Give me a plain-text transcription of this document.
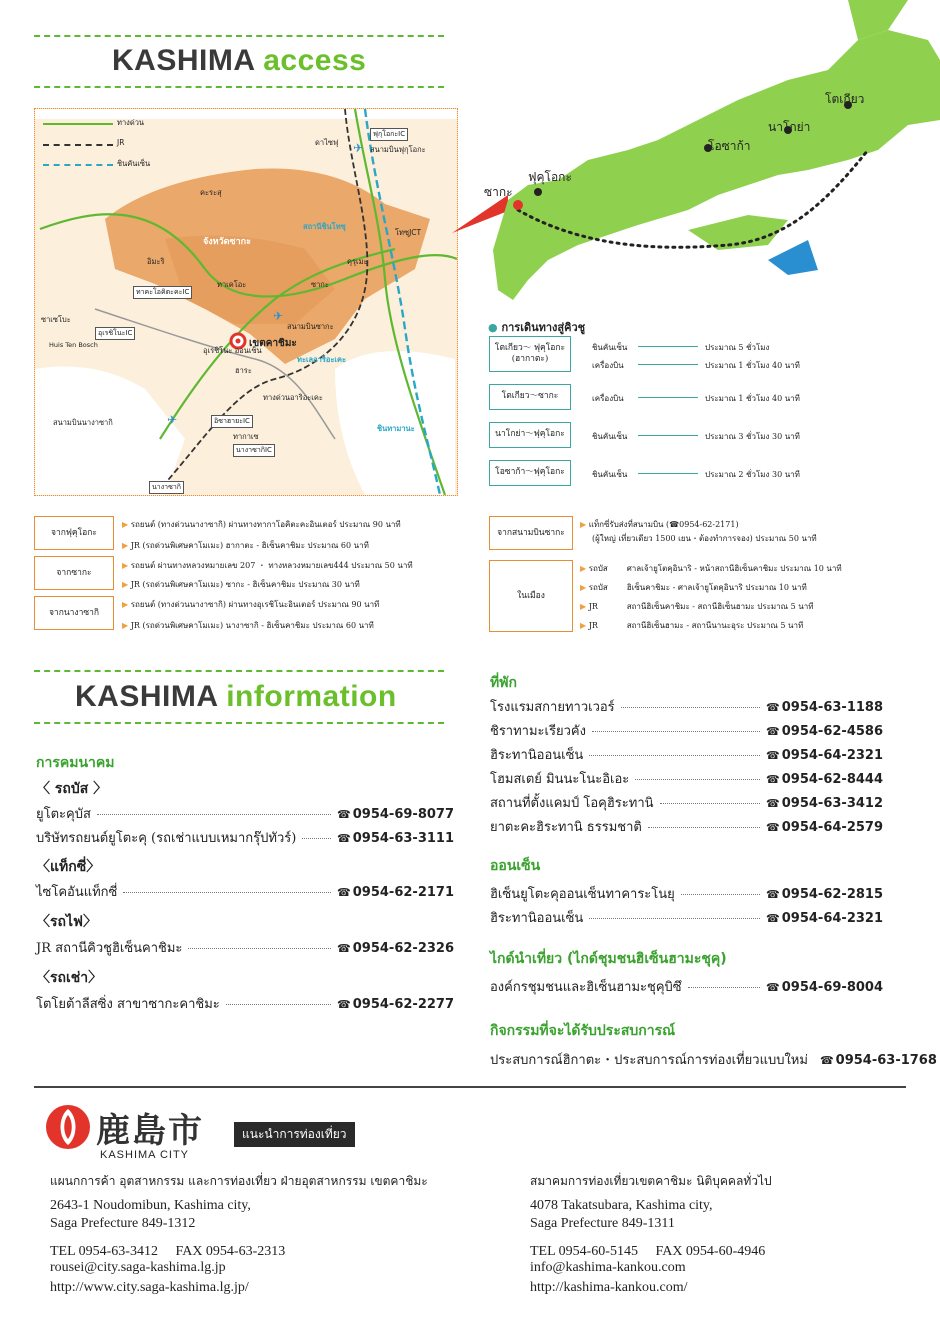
KASHIMA access
ทางด่วน
JR
ชินคันเซ็น
คะระสุ
อิมะริ
จังหวัดซากะ
สถานีชินโทซุ
โทซุJCT
คุรุเมะ
ซากะ
ทาคะโอคิตะคะIC
อุเรชิโนะIC
ทาเคโอะ
เขตคาชิมะ
ทะเลอาริอะเคะ
สนามบินซากะ
✈
สนามบินนางาซากิ	✈	อิซาฮายะIC
นางาซากิIC
นางาซากิ
Huis Ten Bosch
ซาเซโบะ
ฟุกุโอกะIC
สนามบินฟุกุโอกะ
✈
ดาไซฟุ
ชินทามานะ
ทางด่วนอาริอะเคะ
อุเรชิโนะ ออนเซ็น
ฮาระ
ทากาเซ
โตเกียว
นาโกย่า
โอซาก้า
ฟุคุโอกะ
ซากะ
● การเดินทางสู่คิวชู
โตเกียว～ ฟุคุโอกะ (ฮากาตะ)
ชินคันเซ็น	ประมาณ 5 ชั่วโมง
เครื่องบิน	ประมาณ 1 ชั่วโมง 40 นาที
โตเกียว～ซากะ	เครื่องบิน	ประมาณ 1 ชั่วโมง 40 นาที
นาโกย่า～ฟุคุโอกะ	ชินคันเซ็น	ประมาณ 3 ชั่วโมง 30 นาที
โอซาก้า～ฟุคุโอกะ	ชินคันเซ็น	ประมาณ 2 ชั่วโมง 30 นาที
จากฟุคุโอกะ
▶ รถยนต์ (ทางด่วนนางาซากิ) ผ่านทางทากาโอคิตะคะอินเตอร์ ประมาณ 90 นาที
▶ JR (รถด่วนพิเศษคาโมเมะ) ฮากาตะ - ฮิเซ็นคาชิมะ ประมาณ 60 นาที
จากซากะ
▶ รถยนต์ ผ่านทางหลวงหมายเลข 207 ・ ทางหลวงหมายเลข444 ประมาณ 50 นาที
▶ JR (รถด่วนพิเศษคาโมเมะ) ซากะ - ฮิเซ็นคาชิมะ ประมาณ 30 นาที
จากนางาซากิ
▶ รถยนต์ (ทางด่วนนางาซากิ) ผ่านทางอุเรชิโนะอินเตอร์ ประมาณ 90 นาที
▶ JR (รถด่วนพิเศษคาโมเมะ) นางาซากิ - ฮิเซ็นคาชิมะ ประมาณ 60 นาที
จากสนามบินซากะ
▶ แท็กซี่รับส่งที่สนามบิน (☎0954-62-2171)
(ผู้ใหญ่ เที่ยวเดียว 1500 เยน・ต้องทำการจอง) ประมาณ 50 นาที
ในเมือง
▶ รถบัส ศาลเจ้ายูโตคุอินาริ - หน้าสถานีฮิเซ็นคาชิมะ ประมาณ 10 นาที
▶ รถบัส ฮิเซ็นคาชิมะ - ศาลเจ้ายูโตคุอินาริ ประมาณ 10 นาที
▶ JR	สถานีฮิเซ็นคาชิมะ - สถานีฮิเซ็นฮามะ ประมาณ 5 นาที
▶ JR	สถานีฮิเซ็นฮามะ - สถานีนานะอุระ ประมาณ 5 นาที
KASHIMA information
การคมนาคม
〈 รถบัส 〉
ยูโตะคุบัส	☎ 0954-69-8077
บริษัทรถยนต์ยูโตะคุ (รถเช่าแบบเหมากรุ๊ปทัวร์)	☎ 0954-63-3111
〈แท็กซี่〉
ไซโคอันแท็กซี่	☎ 0954-62-2171
〈รถไฟ〉
JR สถานีคิวชูฮิเซ็นคาชิมะ	☎ 0954-62-2326
〈รถเช่า〉
โตโยต้าลีสซิ่ง สาขาซากะคาชิมะ	☎ 0954-62-2277
ที่พัก
โรงแรมสกายทาวเวอร์	☎ 0954-63-1188
ชิราทามะเรียวคัง	☎ 0954-62-4586
ฮิระทานิออนเซ็น	☎ 0954-64-2321
โฮมสเตย์ มินนะโนะอิเอะ	☎ 0954-62-8444
สถานที่ตั้งแคมป์ โอคุฮิระทานิ	☎ 0954-63-3412
ยาตะคะฮิระทานิ ธรรมชาติ	☎ 0954-64-2579
ออนเซ็น
ฮิเซ็นยูโตะคุออนเซ็นทาคาระโนยุ	☎ 0954-62-2815
ฮิระทานิออนเซ็น	☎ 0954-64-2321
ไกด์นำเที่ยว (ไกด์ชุมชนฮิเซ็นฮามะชุคุ)
องค์กรชุมชนและฮิเซ็นฮามะชุคุบิซึ	☎ 0954-69-8004
กิจกรรมที่จะได้รับประสบการณ์
ประสบการณ์ฮิกาตะ・ประสบการณ์การท่องเที่ยวแบบใหม่ ☎ 0954-63-1768
鹿島市
KASHIMA CITY
แนะนำการท่องเที่ยว
แผนกการค้า อุตสาหกรรม และการท่องเที่ยว ฝ่ายอุตสาหกรรม เขตคาชิมะ
2643-1 Noudomibun, Kashima city,
Saga Prefecture 849-1312
TEL 0954-63-3412　 FAX 0954-63-2313
rousei@city.saga-kashima.lg.jp
http://www.city.saga-kashima.lg.jp/
สมาคมการท่องเที่ยวเขตคาชิมะ นิติบุคคลทั่วไป
4078 Takatsubara, Kashima city,
Saga Prefecture 849-1311
TEL 0954-60-5145　 FAX 0954-60-4946
info@kashima-kankou.com
http://kashima-kankou.com/
